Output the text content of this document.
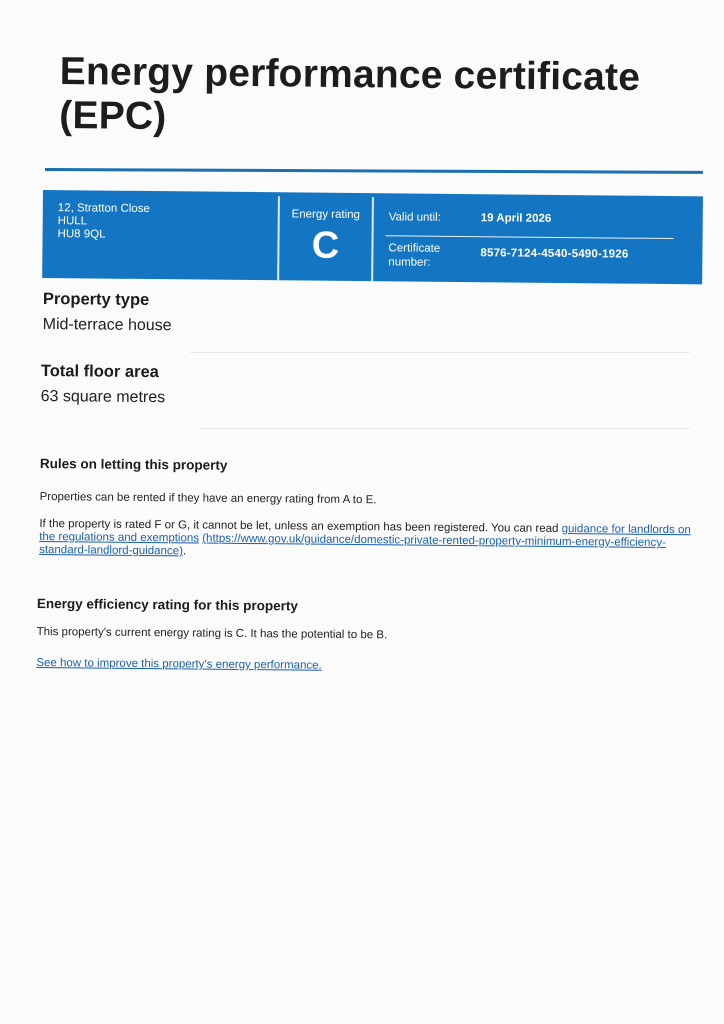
Energy performance certificate (EPC)
12, Stratton Close
HULL
HU8 9QL
Energy rating
C
Valid until:	19 April 2026
Certificate number:
8576-7124-4540-5490-1926
Property type
Mid-terrace house
Total floor area
63 square metres
Rules on letting this property

Properties can be rented if they have an energy rating from A to E.

If the property is rated F or G, it cannot be let, unless an exemption has been registered. You can read guidance for landlords on the regulations and exemptions (https://www.gov.uk/guidance/domestic-private-rented-property-minimum-energy-efficiency-standard-landlord-guidance).

Energy efficiency rating for this property

This property's current energy rating is C. It has the potential to be B.

See how to improve this property's energy performance.
